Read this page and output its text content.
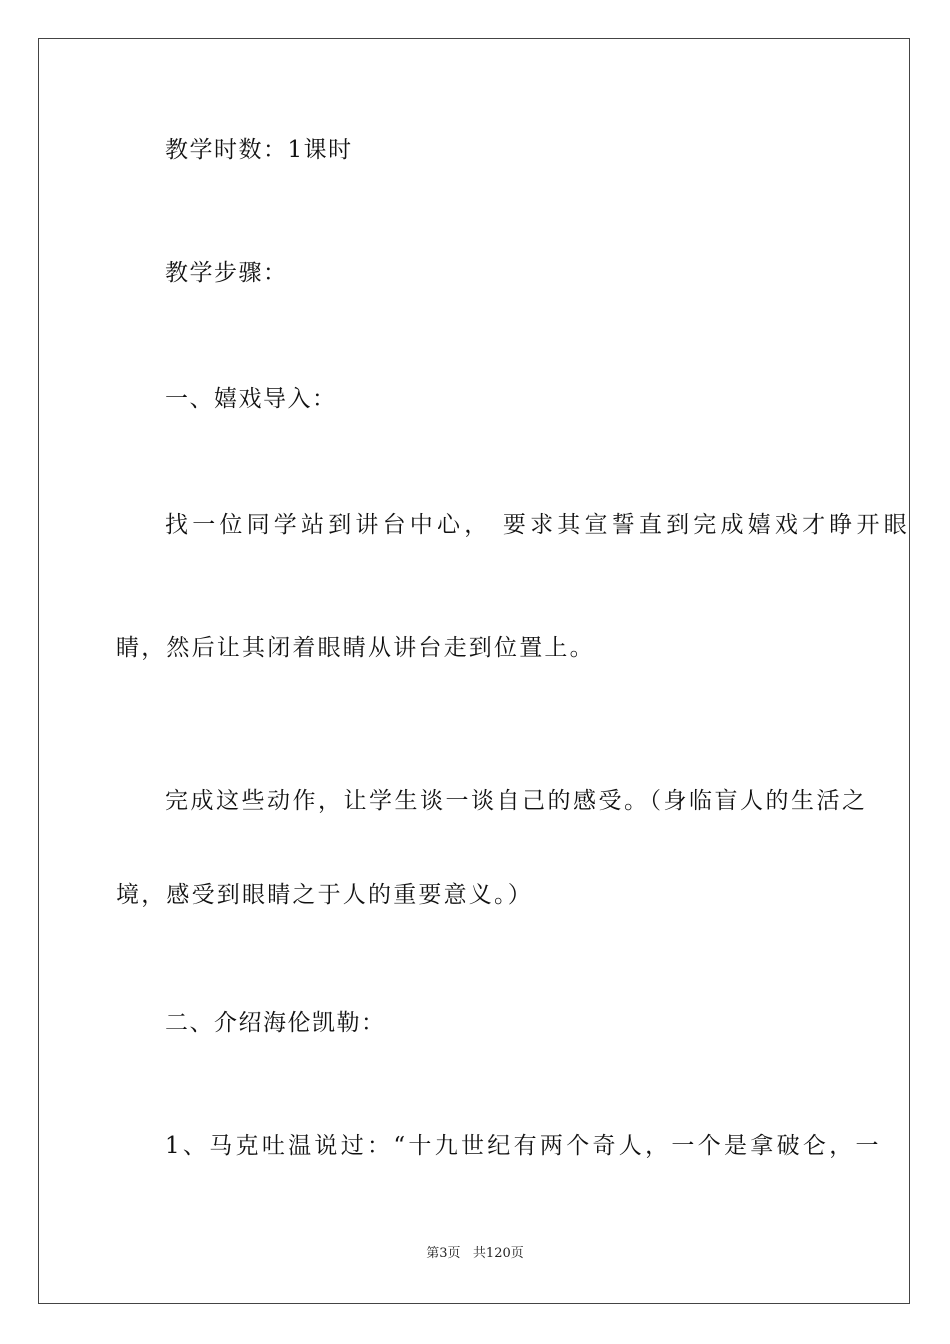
教学时数：1课时
教学步骤：
一、嬉戏导入：
找一位同学站到讲台中心， 要求其宣誓直到完成嬉戏才睁开眼
睛，然后让其闭着眼睛从讲台走到位置上。
完成这些动作，让学生谈一谈自己的感受。（身临盲人的生活之
境，感受到眼睛之于人的重要意义。）
二、介绍海伦凯勒：
1、马克吐温说过：“十九世纪有两个奇人，一个是拿破仑，一
第3页   共120页
